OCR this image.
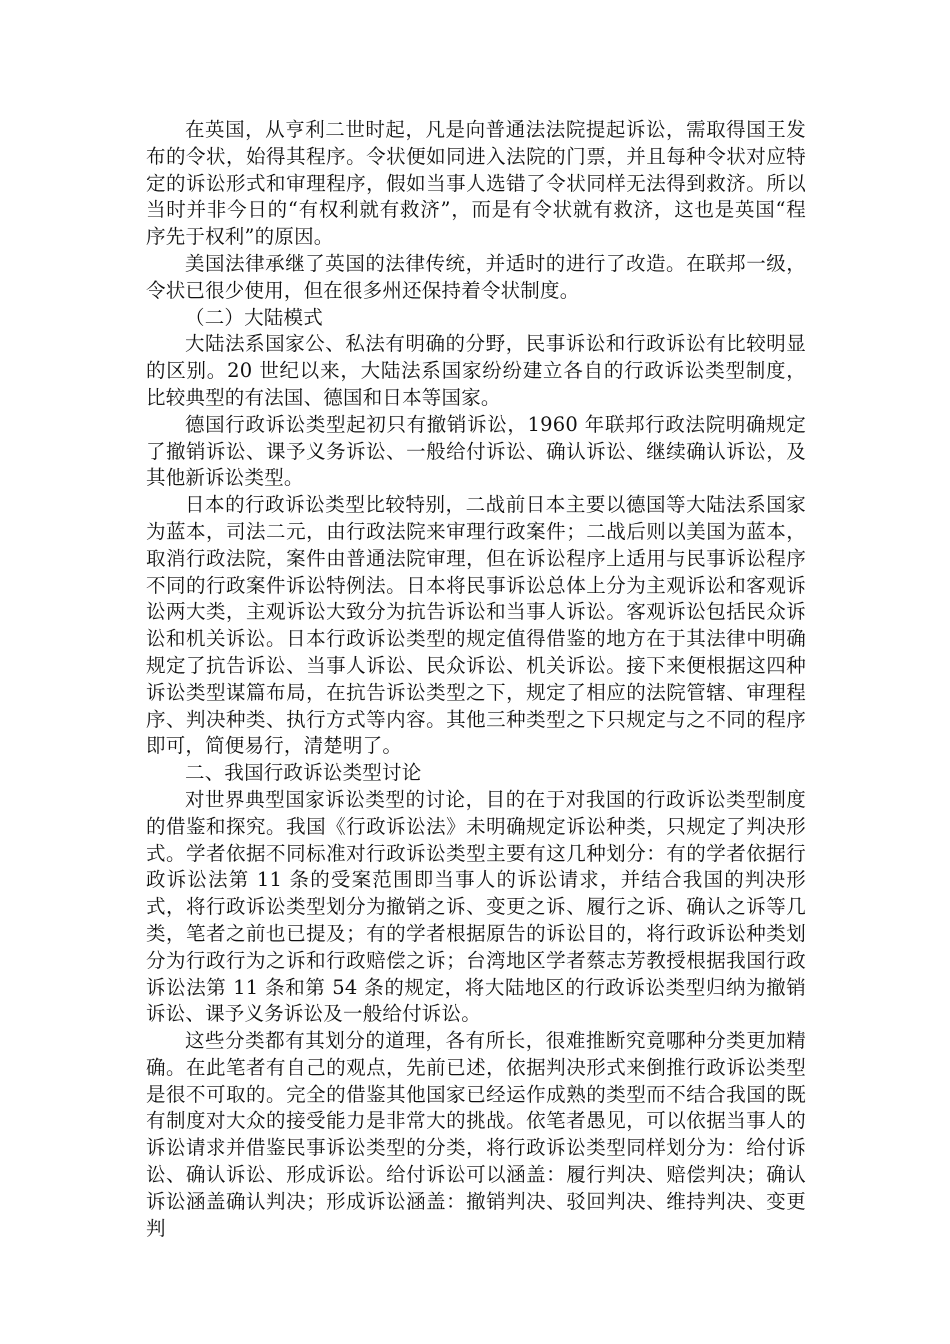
在英国，从亨利二世时起，凡是向普通法法院提起诉讼，需取得国王发布的令状，始得其程序。令状便如同进入法院的门票，并且每种令状对应特定的诉讼形式和审理程序，假如当事人选错了令状同样无法得到救济。所以当时并非今日的“有权利就有救济”，而是有令状就有救济，这也是英国“程序先于权利”的原因。

美国法律承继了英国的法律传统，并适时的进行了改造。在联邦一级，令状已很少使用，但在很多州还保持着令状制度。

（二）大陆模式

大陆法系国家公、私法有明确的分野，民事诉讼和行政诉讼有比较明显的区别。20 世纪以来，大陆法系国家纷纷建立各自的行政诉讼类型制度，比较典型的有法国、德国和日本等国家。

德国行政诉讼类型起初只有撤销诉讼，1960 年联邦行政法院明确规定了撤销诉讼、课予义务诉讼、一般给付诉讼、确认诉讼、继续确认诉讼，及其他新诉讼类型。

日本的行政诉讼类型比较特别，二战前日本主要以德国等大陆法系国家为蓝本，司法二元，由行政法院来审理行政案件；二战后则以美国为蓝本，取消行政法院，案件由普通法院审理，但在诉讼程序上适用与民事诉讼程序不同的行政案件诉讼特例法。日本将民事诉讼总体上分为主观诉讼和客观诉讼两大类，主观诉讼大致分为抗告诉讼和当事人诉讼。客观诉讼包括民众诉讼和机关诉讼。日本行政诉讼类型的规定值得借鉴的地方在于其法律中明确规定了抗告诉讼、当事人诉讼、民众诉讼、机关诉讼。接下来便根据这四种诉讼类型谋篇布局，在抗告诉讼类型之下，规定了相应的法院管辖、审理程序、判决种类、执行方式等内容。其他三种类型之下只规定与之不同的程序即可，简便易行，清楚明了。

二、我国行政诉讼类型讨论

对世界典型国家诉讼类型的讨论，目的在于对我国的行政诉讼类型制度的借鉴和探究。我国《行政诉讼法》未明确规定诉讼种类，只规定了判决形式。学者依据不同标准对行政诉讼类型主要有这几种划分：有的学者依据行政诉讼法第 11 条的受案范围即当事人的诉讼请求，并结合我国的判决形式，将行政诉讼类型划分为撤销之诉、变更之诉、履行之诉、确认之诉等几类，笔者之前也已提及；有的学者根据原告的诉讼目的，将行政诉讼种类划分为行政行为之诉和行政赔偿之诉；台湾地区学者蔡志芳教授根据我国行政诉讼法第 11 条和第 54 条的规定，将大陆地区的行政诉讼类型归纳为撤销诉讼、课予义务诉讼及一般给付诉讼。

这些分类都有其划分的道理，各有所长，很难推断究竟哪种分类更加精确。在此笔者有自己的观点，先前已述，依据判决形式来倒推行政诉讼类型是很不可取的。完全的借鉴其他国家已经运作成熟的类型而不结合我国的既有制度对大众的接受能力是非常大的挑战。依笔者愚见，可以依据当事人的诉讼请求并借鉴民事诉讼类型的分类，将行政诉讼类型同样划分为：给付诉讼、确认诉讼、形成诉讼。给付诉讼可以涵盖：履行判决、赔偿判决；确认诉讼涵盖确认判决；形成诉讼涵盖：撤销判决、驳回判决、维持判决、变更判
